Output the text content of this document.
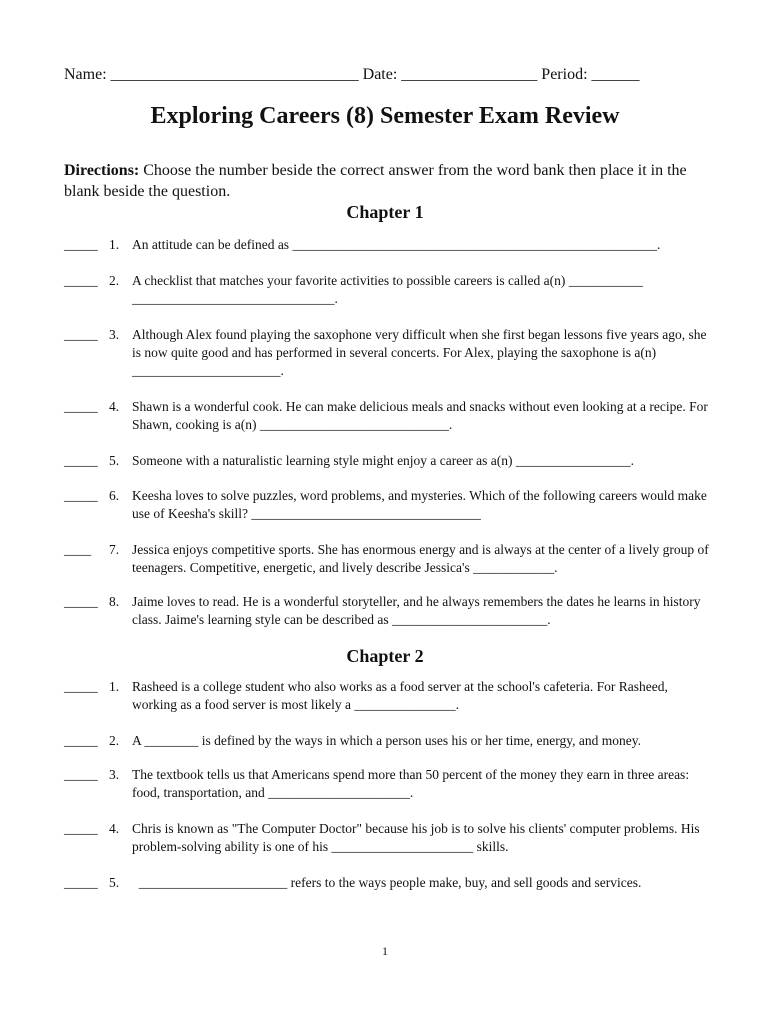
Name: _______________________________ Date: _________________ Period: ______
Exploring Careers (8) Semester Exam Review
Directions: Choose the number beside the correct answer from the word bank then place it in the blank beside the question.
Chapter 1
_____ 1. An attitude can be defined as ______________________________________________________.
_____ 2. A checklist that matches your favorite activities to possible careers is called a(n) ___________ ______________________________.
_____ 3. Although Alex found playing the saxophone very difficult when she first began lessons five years ago, she is now quite good and has performed in several concerts. For Alex, playing the saxophone is a(n) ______________________.
_____ 4. Shawn is a wonderful cook. He can make delicious meals and snacks without even looking at a recipe. For Shawn, cooking is a(n) ____________________________.
_____ 5. Someone with a naturalistic learning style might enjoy a career as a(n) _________________.
_____ 6. Keesha loves to solve puzzles, word problems, and mysteries. Which of the following careers would make use of Keesha's skill? __________________________________
____ 7. Jessica enjoys competitive sports. She has enormous energy and is always at the center of a lively group of teenagers. Competitive, energetic, and lively describe Jessica's ____________.
_____ 8. Jaime loves to read. He is a wonderful storyteller, and he always remembers the dates he learns in history class. Jaime's learning style can be described as _______________________.
Chapter 2
_____ 1. Rasheed is a college student who also works as a food server at the school's cafeteria. For Rasheed, working as a food server is most likely a _______________.
_____ 2. A ________ is defined by the ways in which a person uses his or her time, energy, and money.
_____ 3. The textbook tells us that Americans spend more than 50 percent of the money they earn in three areas: food, transportation, and _____________________.
_____ 4. Chris is known as "The Computer Doctor" because his job is to solve his clients' computer problems. His problem-solving ability is one of his _____________________ skills.
_____ 5. ______________________ refers to the ways people make, buy, and sell goods and services.
1
